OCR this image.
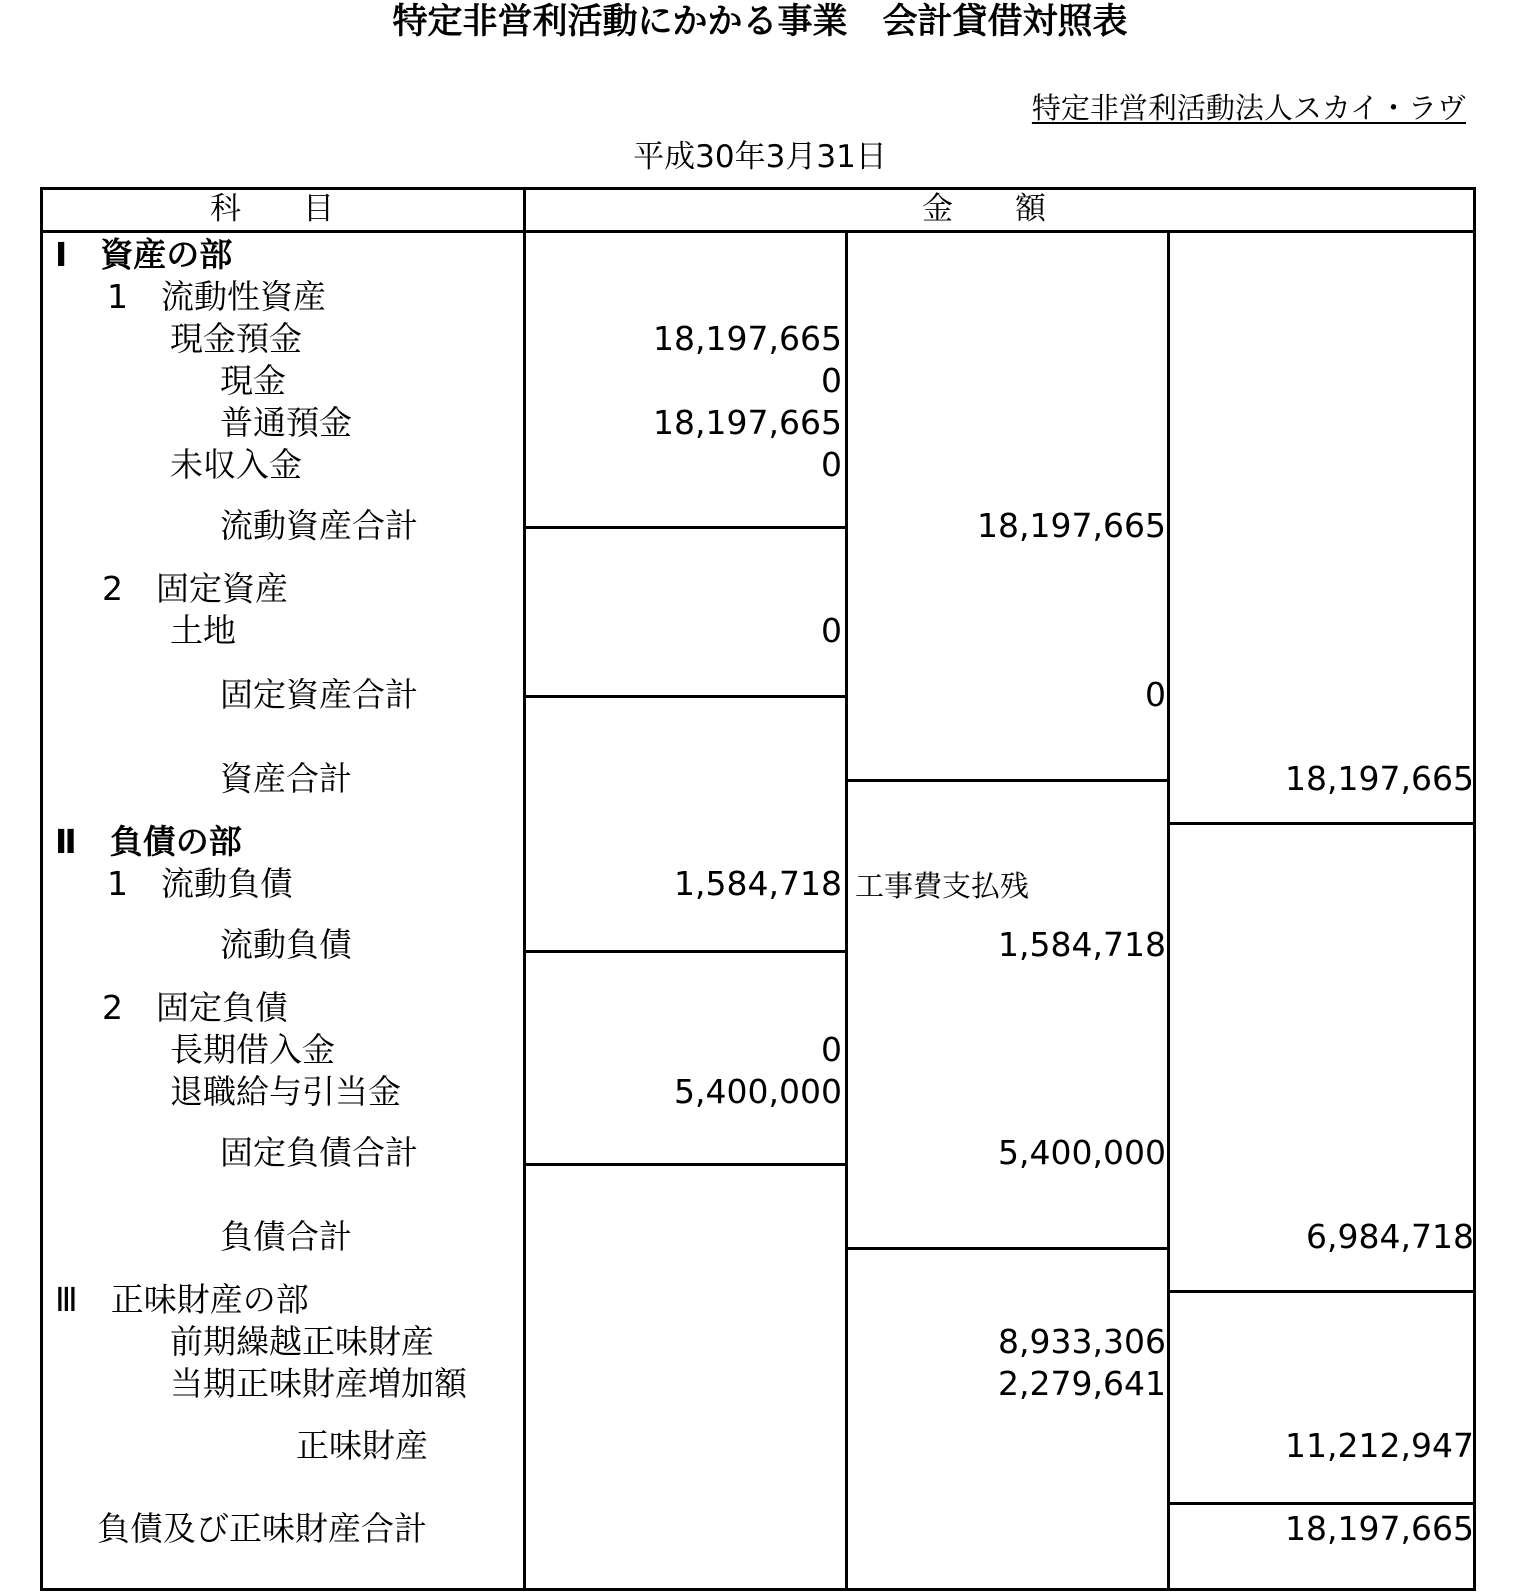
特定非営利活動にかかる事業　会計貸借対照表
特定非営利活動法人スカイ・ラヴ
平成30年3月31日
科　　目	金　　額
Ⅰ　資産の部
1　流動性資産
現金預金	18,197,665
現金	0
普通預金	18,197,665
未収入金	0
流動資産合計	18,197,665
2　固定資産
土地	0
固定資産合計	0
資産合計	18,197,665
Ⅱ　負債の部
1　流動負債	1,584,718 工事費支払残
流動負債	1,584,718
2　固定負債
長期借入金	0
退職給与引当金	5,400,000
固定負債合計	5,400,000
負債合計	6,984,718
Ⅲ　正味財産の部
前期繰越正味財産	8,933,306
当期正味財産増加額	2,279,641
正味財産	11,212,947
負債及び正味財産合計	18,197,665
